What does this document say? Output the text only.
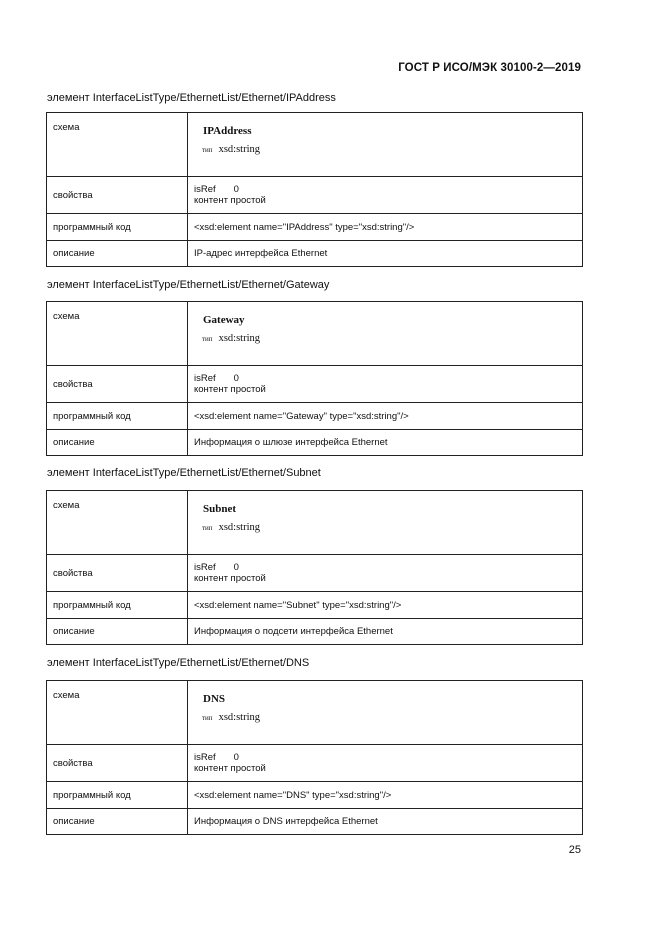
ГОСТ Р ИСО/МЭК 30100-2—2019
элемент InterfaceListType/EthernetList/Ethernet/IPAddress
схема	IPAddress
тип xsd:string

свойства	isRef 0
контент простой

программный код	<xsd:element name="IPAddress" type="xsd:string"/>
описание	IP-адрес интерфейса Ethernet
элемент InterfaceListType/EthernetList/Ethernet/Gateway
схема	Gateway
тип xsd:string

свойства	isRef 0
контент простой

программный код	<xsd:element name="Gateway" type="xsd:string"/>
описание	Информация о шлюзе интерфейса Ethernet
элемент InterfaceListType/EthernetList/Ethernet/Subnet
схема	Subnet
тип xsd:string

свойства	isRef 0
контент простой

программный код	<xsd:element name="Subnet" type="xsd:string"/>
описание	Информация о подсети интерфейса Ethernet
элемент InterfaceListType/EthernetList/Ethernet/DNS
схема	DNS
тип xsd:string

свойства	isRef 0
контент простой

программный код	<xsd:element name="DNS" type="xsd:string"/>
описание	Информация о DNS интерфейса Ethernet
25
